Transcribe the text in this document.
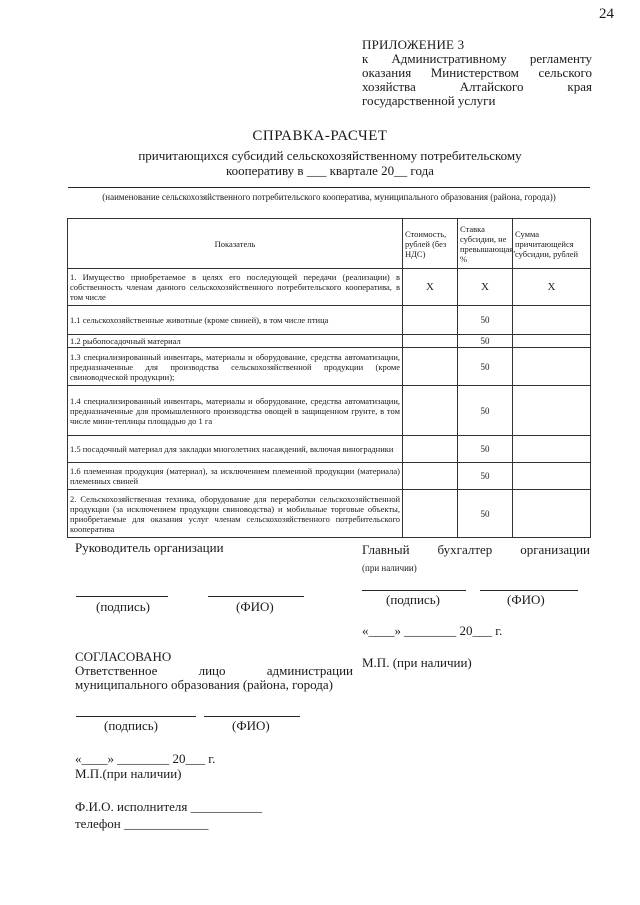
24
ПРИЛОЖЕНИЕ 3
к Административному регламенту оказания Министерством сельского хозяйства Алтайского края государственной услуги
СПРАВКА-РАСЧЕТ
причитающихся субсидий сельскохозяйственному потребительскому
кооперативу в ___ квартале 20__ года
(наименование сельскохозяйственного потребительского кооператива, муниципального образования (района, города))
Показатель	Стоимость, рублей (без НДС)	Ставка субсидии, не превышающая, %	Сумма причитающейся субсидии, рублей
1. Имущество приобретаемое в целях его последующей передачи (реализации) в собственность членам данного сельскохозяйственного потребительского кооператива, в том числе	Х	Х	Х
1.1 сельскохозяйственные животные (кроме свиней), в том числе птица		50	
1.2 рыбопосадочный материал		50	
1.3 специализированный инвентарь, материалы и оборудование, средства автоматизации, предназначенные для производства сельскохозяйственной продукции (кроме свиноводческой продукции);		50	
1.4 специализированный инвентарь, материалы и оборудование, средства автоматизации, предназначенные для промышленного производства овощей в защищенном грунте, в том числе мини-теплицы площадью до 1 га		50	
1.5 посадочный материал для закладки многолетних насаждений, включая виноградники		50	
1.6 племенная продукция (материал), за исключением племенной продукции (материала) племенных свиней		50	
2. Сельскохозяйственная техника, оборудование для переработки сельскохозяйственной продукции (за исключением продукции свиноводства) и мобильные торговые объекты, приобретаемые для оказания услуг членам сельскохозяйственного потребительского кооператива		50	
Руководитель организации
(подпись)	(ФИО)
Главный бухгалтер организации
(при наличии)
(подпись)	(ФИО)
«____» ________ 20___ г.
М.П. (при наличии)
СОГЛАСОВАНО
Ответственное лицо администрации муниципального образования (района, города)
(подпись)	(ФИО)
«____» ________ 20___ г.
М.П.(при наличии)
Ф.И.О. исполнителя ___________
телефон _____________
